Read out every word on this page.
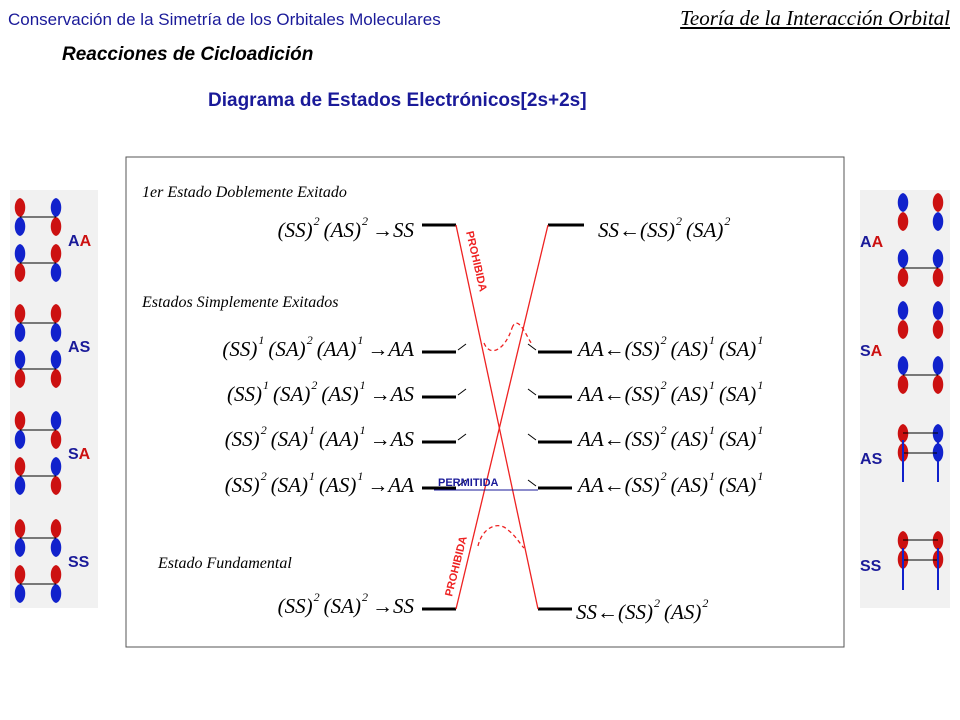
Conservación de la Simetría de los Orbitales Moleculares	Teoría de la Interacción Orbital
Reacciones de Cicloadición
Diagrama de Estados Electrónicos[2s+2s]
1er Estado Doblemente Exitado
Estados Simplemente Exitados
Estado Fundamental
(SS) 2 (AS) 2 → SS
(SS) 1 (SA) 2 (AA) 1 → AA
(SS) 1 (SA) 2 (AS) 1 → AS
(SS) 2 (SA) 1 (AA) 1 → AS
(SS) 2 (SA) 1 (AS) 1 → AA
(SS) 2 (SA) 2 → SS
SS ← (SS) 2 (SA) 2
AA ← (SS) 2 (AS) 1 (SA) 1
AA ← (SS) 2 (AS) 1 (SA) 1
AA ← (SS) 2 (AS) 1 (SA) 1
AA ← (SS) 2 (AS) 1 (SA) 1
SS ← (SS) 2 (AS) 2
PROHIBIDA
PROHIBIDA
PERMITIDA
A A
A S
S A
S S
A A
S A
A S
S S
